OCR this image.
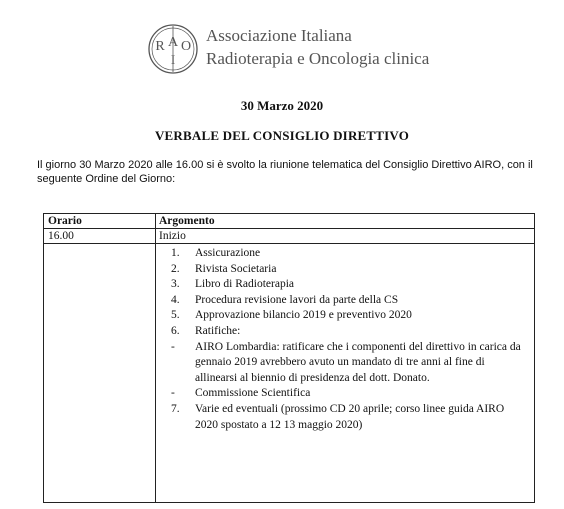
R A O
I
Associazione Italiana
Radioterapia e Oncologia clinica
30 Marzo 2020
VERBALE DEL CONSIGLIO DIRETTIVO
Il giorno 30 Marzo 2020 alle 16.00 si è svolto la riunione telematica del Consiglio Direttivo AIRO, con il seguente Ordine del Giorno:
Orario	Argomento
16.00	Inizio
1.	Assicurazione
2.	Rivista Societaria
3.	Libro di Radioterapia
4.	Procedura revisione lavori da parte della CS
5.	Approvazione bilancio 2019 e preventivo 2020
6.	Ratifiche:
-	AIRO Lombardia: ratificare che i componenti del direttivo in carica da gennaio 2019 avrebbero avuto un mandato di tre anni al fine di allinearsi al biennio di presidenza del dott. Donato.
-	Commissione Scientifica
7.	Varie ed eventuali (prossimo CD 20 aprile; corso linee guida AIRO 2020 spostato a 12 13 maggio 2020)
